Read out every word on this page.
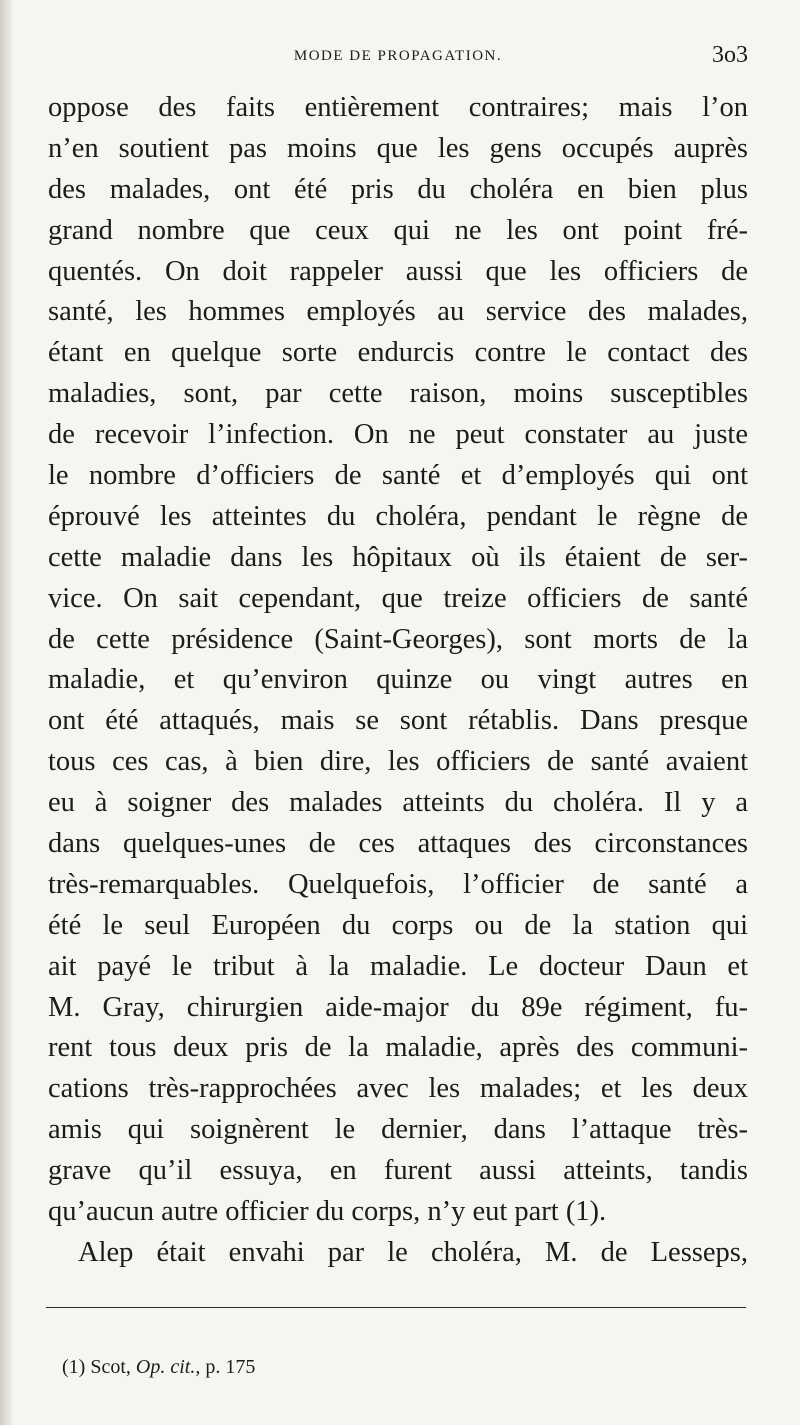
MODE DE PROPAGATION.	3o3
oppose des faits entièrement contraires; mais l’on
n’en soutient pas moins que les gens occupés auprès
des malades, ont été pris du choléra en bien plus
grand nombre que ceux qui ne les ont point fré-
quentés. On doit rappeler aussi que les officiers de
santé, les hommes employés au service des malades,
étant en quelque sorte endurcis contre le contact des
maladies, sont, par cette raison, moins susceptibles
de recevoir l’infection. On ne peut constater au juste
le nombre d’officiers de santé et d’employés qui ont
éprouvé les atteintes du choléra, pendant le règne de
cette maladie dans les hôpitaux où ils étaient de ser-
vice. On sait cependant, que treize officiers de santé
de cette présidence (Saint-Georges), sont morts de la
maladie, et qu’environ quinze ou vingt autres en
ont été attaqués, mais se sont rétablis. Dans presque
tous ces cas, à bien dire, les officiers de santé avaient
eu à soigner des malades atteints du choléra. Il y a
dans quelques-unes de ces attaques des circonstances
très-remarquables. Quelquefois, l’officier de santé a
été le seul Européen du corps ou de la station qui
ait payé le tribut à la maladie. Le docteur Daun et
M. Gray, chirurgien aide-major du 89e régiment, fu-
rent tous deux pris de la maladie, après des communi-
cations très-rapprochées avec les malades; et les deux
amis qui soignèrent le dernier, dans l’attaque très-
grave qu’il essuya, en furent aussi atteints, tandis
qu’aucun autre officier du corps, n’y eut part (1).
Alep était envahi par le choléra, M. de Lesseps,
(1) Scot, Op. cit., p. 175
